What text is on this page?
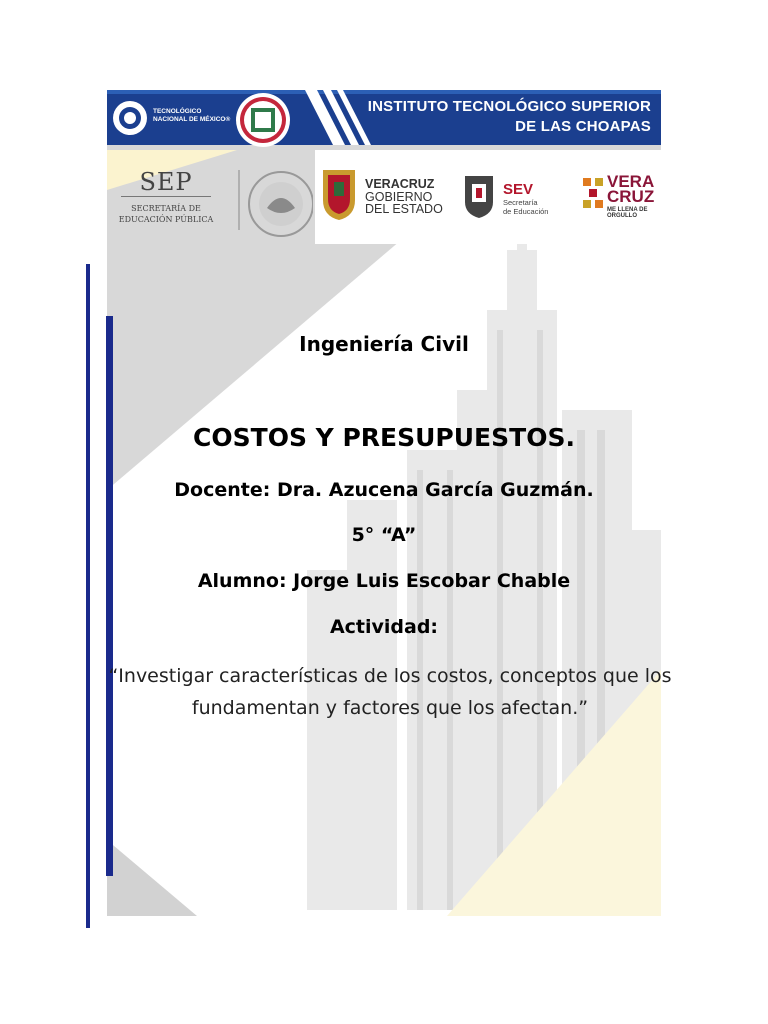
TECNOLÓGICO
NACIONAL DE MÉXICO®
INSTITUTO TECNOLÓGICO SUPERIOR
DE LAS CHOAPAS
SEP
SECRETARÍA DE
EDUCACIÓN PÚBLICA
VERACRUZ
GOBIERNO
DEL ESTADO
SEV
Secretaría
de Educación
VERA
CRUZ
ME LLENA DE ORGULLO
Ingeniería Civil
COSTOS Y PRESUPUESTOS.
Docente: Dra. Azucena García Guzmán.
5° “A”
Alumno: Jorge Luis Escobar Chable
Actividad:
“Investigar características de los costos, conceptos que los fundamentan y factores que los afectan.”
